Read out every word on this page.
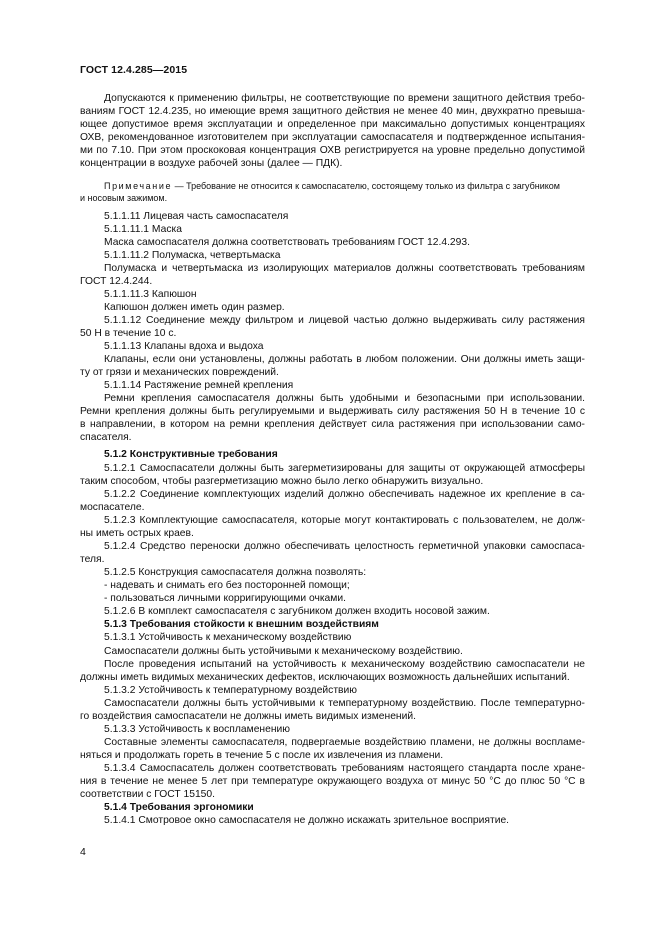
ГОСТ 12.4.285—2015
Допускаются к применению фильтры, не соответствующие по времени защитного действия требо-
ваниям ГОСТ 12.4.235, но имеющие время защитного действия не менее 40 мин, двухкратно превыша-
ющее допустимое время эксплуатации и определенное при максимально допустимых концентрациях
ОХВ, рекомендованное изготовителем при эксплуатации самоспасателя и подтвержденное испытания-
ми по 7.10. При этом проскоковая концентрация ОХВ регистрируется на уровне предельно допустимой
концентрации в воздухе рабочей зоны (далее — ПДК).
Примечание — Требование не относится к самоспасателю, состоящему только из фильтра с загубником
и носовым зажимом.
5.1.1.11 Лицевая часть самоспасателя
5.1.1.11.1 Маска
Маска самоспасателя должна соответствовать требованиям ГОСТ 12.4.293.
5.1.1.11.2 Полумаска, четвертьмаска
Полумаска и четвертьмаска из изолирующих материалов должны соответствовать требованиям
ГОСТ 12.4.244.
5.1.1.11.3 Капюшон
Капюшон должен иметь один размер.
5.1.1.12 Соединение между фильтром и лицевой частью должно выдерживать силу растяжения
50 Н в течение 10 с.
5.1.1.13 Клапаны вдоха и выдоха
Клапаны, если они установлены, должны работать в любом положении. Они должны иметь защи-
ту от грязи и механических повреждений.
5.1.1.14 Растяжение ремней крепления
Ремни крепления самоспасателя должны быть удобными и безопасными при использовании.
Ремни крепления должны быть регулируемыми и выдерживать силу растяжения 50 Н в течение 10 с
в направлении, в котором на ремни крепления действует сила растяжения при использовании само-
спасателя.
5.1.2 Конструктивные требования
5.1.2.1 Самоспасатели должны быть загерметизированы для защиты от окружающей атмосферы
таким способом, чтобы разгерметизацию можно было легко обнаружить визуально.
5.1.2.2 Соединение комплектующих изделий должно обеспечивать надежное их крепление в са-
моспасателе.
5.1.2.3 Комплектующие самоспасателя, которые могут контактировать с пользователем, не долж-
ны иметь острых краев.
5.1.2.4 Средство переноски должно обеспечивать целостность герметичной упаковки самоспаса-
теля.
5.1.2.5 Конструкция самоспасателя должна позволять:
- надевать и снимать его без посторонней помощи;
- пользоваться личными корригирующими очками.
5.1.2.6 В комплект самоспасателя с загубником должен входить носовой зажим.
5.1.3 Требования стойкости к внешним воздействиям
5.1.3.1 Устойчивость к механическому воздействию
Самоспасатели должны быть устойчивыми к механическому воздействию.
После проведения испытаний на устойчивость к механическому воздействию самоспасатели не
должны иметь видимых механических дефектов, исключающих возможность дальнейших испытаний.
5.1.3.2 Устойчивость к температурному воздействию
Самоспасатели должны быть устойчивыми к температурному воздействию. После температурно-
го воздействия самоспасатели не должны иметь видимых изменений.
5.1.3.3 Устойчивость к воспламенению
Составные элементы самоспасателя, подвергаемые воздействию пламени, не должны воспламе-
няться и продолжать гореть в течение 5 с после их извлечения из пламени.
5.1.3.4 Самоспасатель должен соответствовать требованиям настоящего стандарта после хране-
ния в течение не менее 5 лет при температуре окружающего воздуха от минус 50 °С до плюс 50 °С в
соответствии с ГОСТ 15150.
5.1.4 Требования эргономики
5.1.4.1 Смотровое окно самоспасателя не должно искажать зрительное восприятие.
4
